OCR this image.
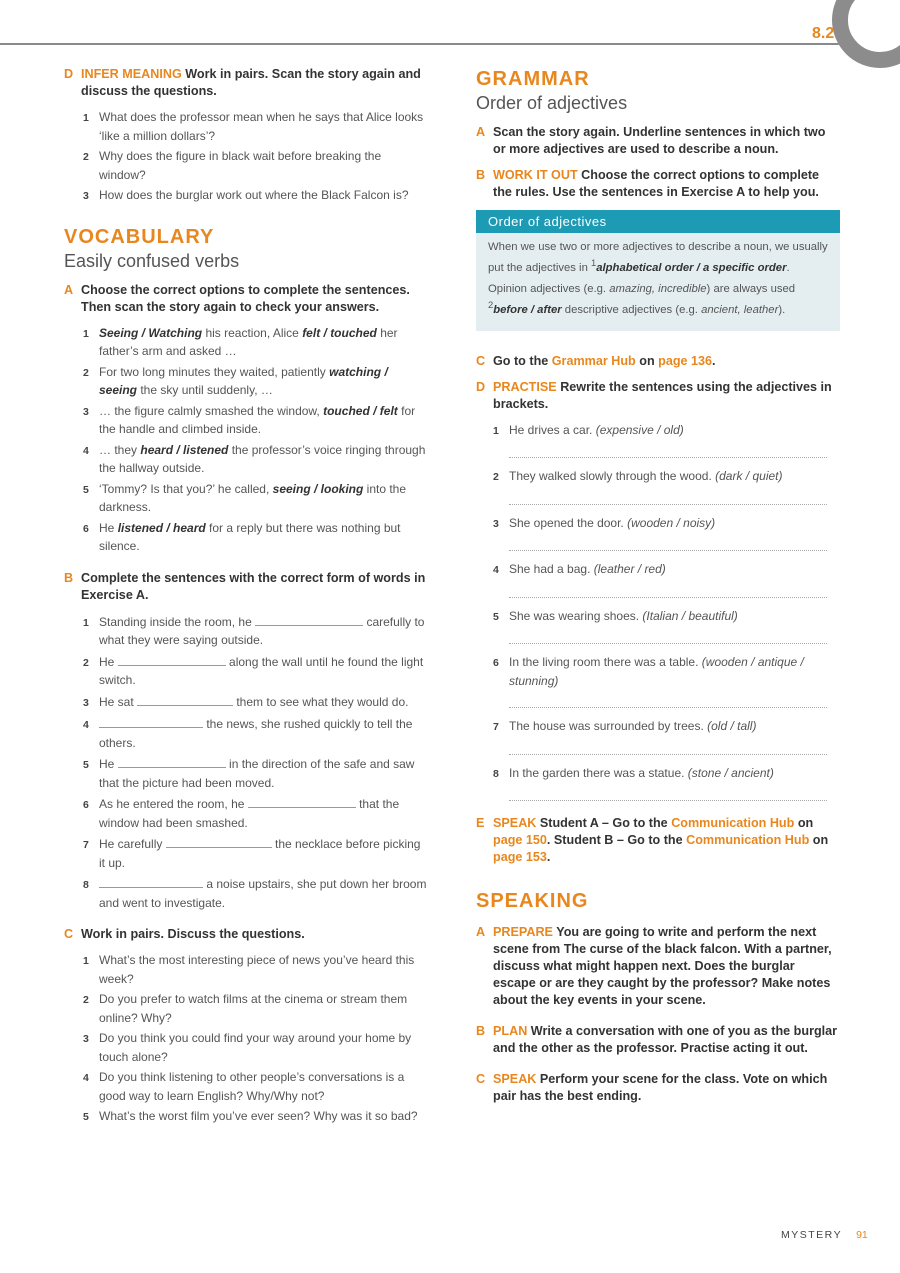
8.2
D INFER MEANING Work in pairs. Scan the story again and discuss the questions.
1 What does the professor mean when he says that Alice looks ‘like a million dollars’?
2 Why does the figure in black wait before breaking the window?
3 How does the burglar work out where the Black Falcon is?
VOCABULARY
Easily confused verbs
A Choose the correct options to complete the sentences. Then scan the story again to check your answers.
1 Seeing / Watching his reaction, Alice felt / touched her father’s arm and asked …
2 For two long minutes they waited, patiently watching / seeing the sky until suddenly, …
3 … the figure calmly smashed the window, touched / felt for the handle and climbed inside.
4 … they heard / listened the professor’s voice ringing through the hallway outside.
5 ‘Tommy? Is that you?’ he called, seeing / looking into the darkness.
6 He listened / heard for a reply but there was nothing but silence.
B Complete the sentences with the correct form of words in Exercise A.
1 Standing inside the room, he	carefully to what they were saying outside.
2 He	along the wall until he found the light switch.
3 He sat	them to see what they would do.
4	the news, she rushed quickly to tell the others.
5 He	in the direction of the safe and saw that the picture had been moved.
6 As he entered the room, he	that the window had been smashed.
7 He carefully	the necklace before picking it up.
8	a noise upstairs, she put down her broom and went to investigate.
C Work in pairs. Discuss the questions.
1 What’s the most interesting piece of news you’ve heard this week?
2 Do you prefer to watch films at the cinema or stream them online? Why?
3 Do you think you could find your way around your home by touch alone?
4 Do you think listening to other people’s conversations is a good way to learn English? Why/Why not?
5 What’s the worst film you’ve ever seen? Why was it so bad?
GRAMMAR
Order of adjectives
A Scan the story again. Underline sentences in which two or more adjectives are used to describe a noun.
B WORK IT OUT Choose the correct options to complete the rules. Use the sentences in Exercise A to help you.
Order of adjectives

When we use two or more adjectives to describe a noun, we usually put the adjectives in $^1$alphabetical order / a specific order.

Opinion adjectives (e.g. amazing, incredible) are always used $^2$before / after descriptive adjectives (e.g. ancient, leather).

C Go to the Grammar Hub on page 136.
D PRACTISE Rewrite the sentences using the adjectives in brackets.
1 He drives a car. (expensive / old)
2 They walked slowly through the wood. (dark / quiet)
3 She opened the door. (wooden / noisy)
4 She had a bag. (leather / red)
5 She was wearing shoes. (Italian / beautiful)
6 In the living room there was a table. (wooden / antique / stunning)
7 The house was surrounded by trees. (old / tall)
8 In the garden there was a statue. (stone / ancient)
E SPEAK Student A – Go to the Communication Hub on page 150. Student B – Go to the Communication Hub on page 153.
SPEAKING
A PREPARE You are going to write and perform the next scene from The curse of the black falcon. With a partner, discuss what might happen next. Does the burglar escape or are they caught by the professor? Make notes about the key events in your scene.
B PLAN Write a conversation with one of you as the burglar and the other as the professor. Practise acting it out.
C SPEAK Perform your scene for the class. Vote on which pair has the best ending.
MYSTERY 91
